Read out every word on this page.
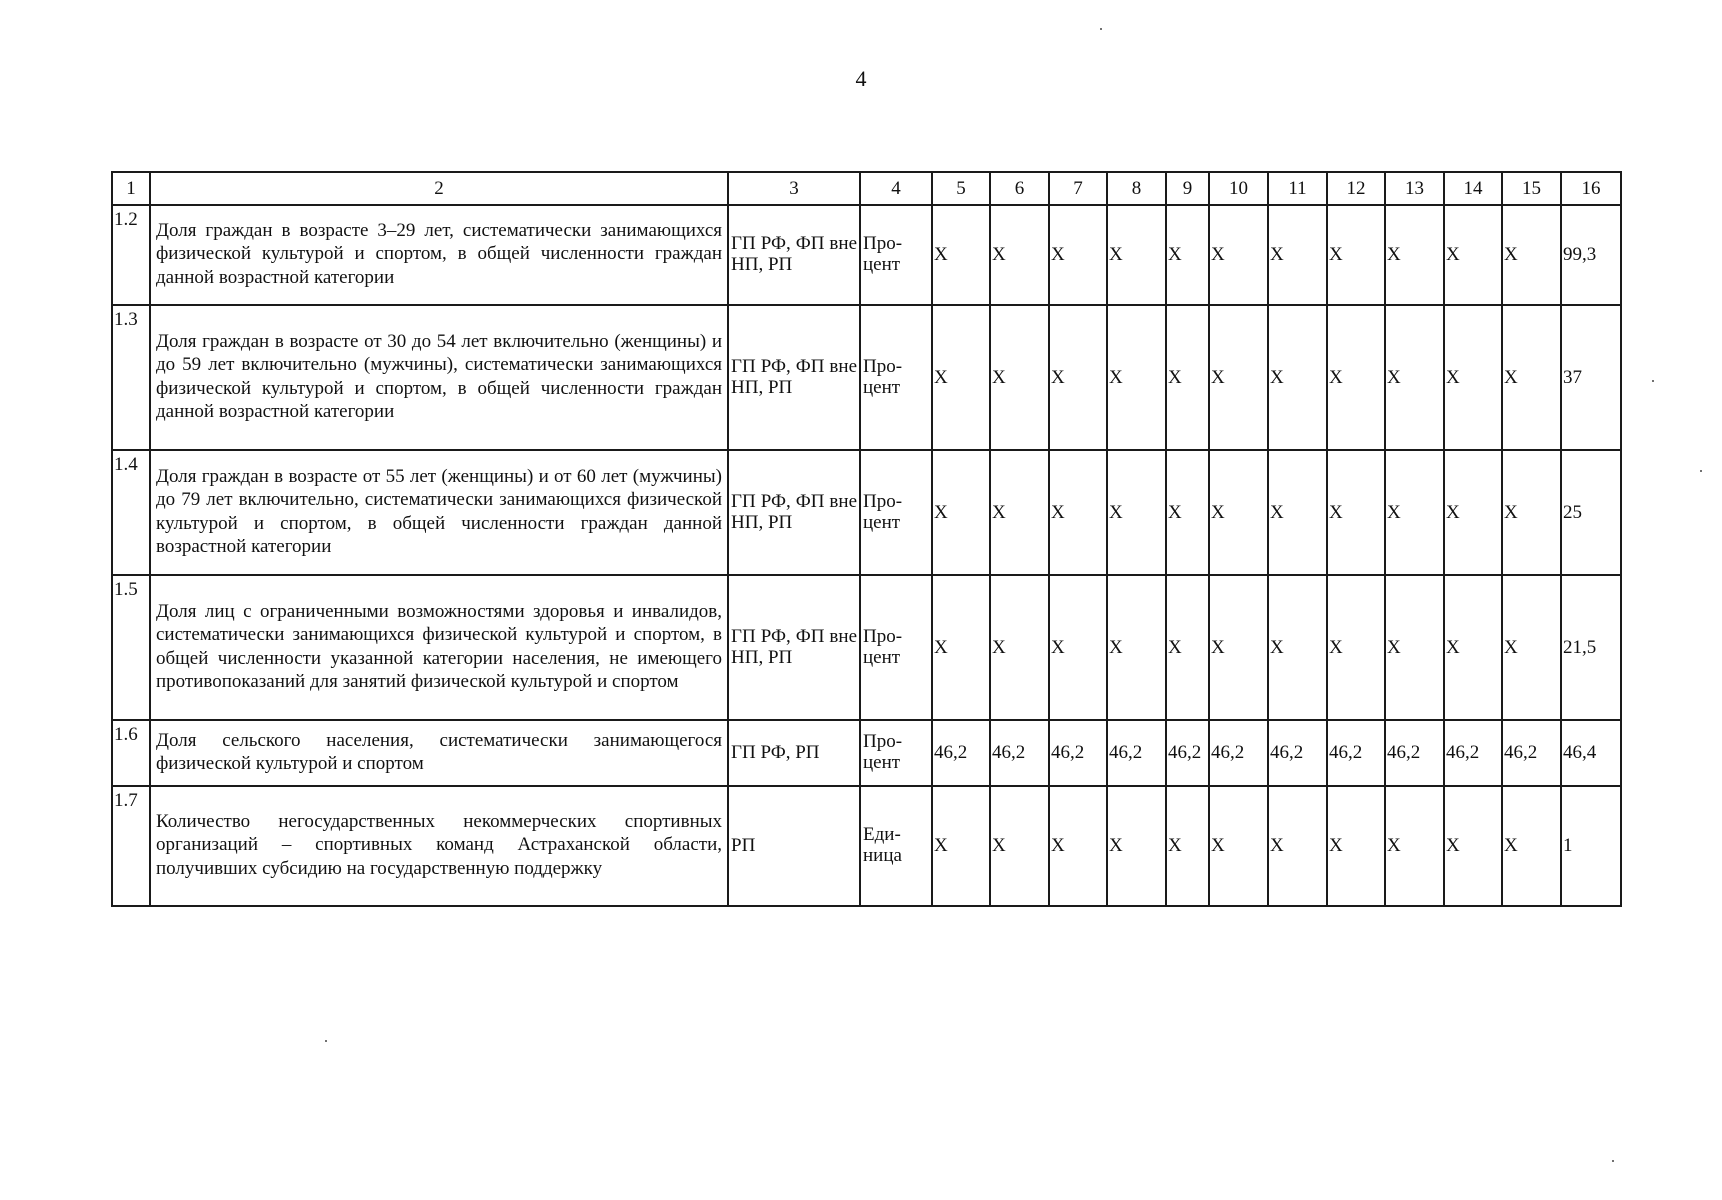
4
1	2	3	4	5	6	7	8	9	10	11	12	13	14	15	16
1.2	Доля граждан в возрасте 3–29 лет, систематически занимающихся физической культурой и спортом, в общей численности граждан данной возрастной категории	ГП РФ, ФП вне НП, РП	Про-цент	Х	Х	Х	Х	Х	Х	Х	Х	Х	Х	Х	99,3
1.3	Доля граждан в возрасте от 30 до 54 лет включительно (женщины) и до 59 лет включительно (мужчины), систематически занимающихся физической культурой и спортом, в общей численности граждан данной возрастной категории	ГП РФ, ФП вне НП, РП	Про-цент	Х	Х	Х	Х	Х	Х	Х	Х	Х	Х	Х	37
1.4	Доля граждан в возрасте от 55 лет (женщины) и от 60 лет (мужчины) до 79 лет включительно, систематически занимающихся физической культурой и спортом, в общей численности граждан данной возрастной категории	ГП РФ, ФП вне НП, РП	Про-цент	Х	Х	Х	Х	Х	Х	Х	Х	Х	Х	Х	25
1.5	Доля лиц с ограниченными возможностями здоровья и инвалидов, систематически занимающихся физической культурой и спортом, в общей численности указанной категории населения, не имеющего противопоказаний для занятий физической культурой и спортом	ГП РФ, ФП вне НП, РП	Про-цент	Х	Х	Х	Х	Х	Х	Х	Х	Х	Х	Х	21,5
1.6	Доля сельского населения, систематически занимающегося физической культурой и спортом	ГП РФ, РП	Про-цент	46,2	46,2	46,2	46,2	46,2	46,2	46,2	46,2	46,2	46,2	46,2	46,4
1.7	Количество негосударственных некоммерческих спортивных организаций – спортивных команд Астраханской области, получивших субсидию на государственную поддержку	РП	Еди-ница	Х	Х	Х	Х	Х	Х	Х	Х	Х	Х	Х	1
